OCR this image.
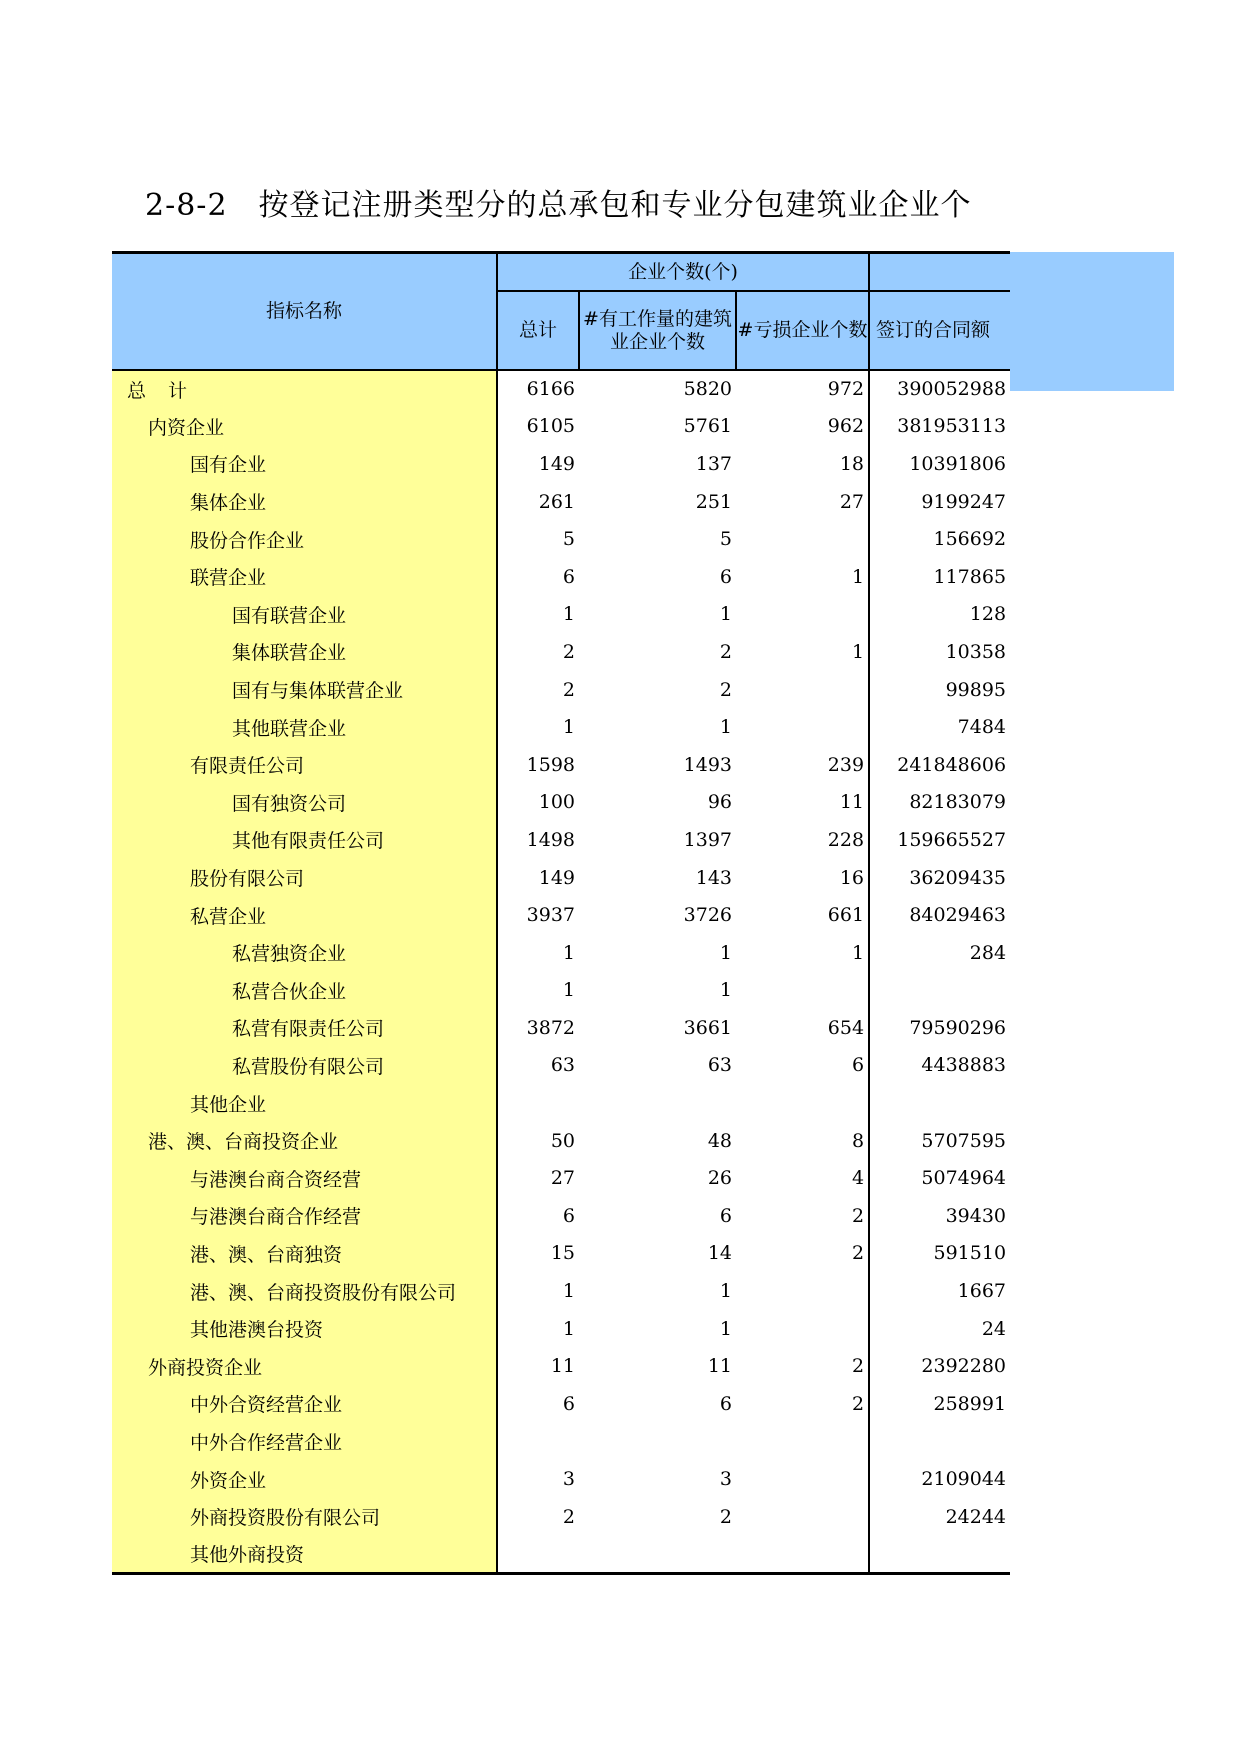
2-8-2　按登记注册类型分的总承包和专业分包建筑业企业个
指标名称	企业个数(个)			
	总计	#有工作量的建筑业企业个数	#亏损企业个数	签订的合同额
总 计	6166	5820	972	390052988
内资企业	6105	5761	962	381953113
国有企业	149	137	18	10391806
集体企业	261	251	27	9199247
股份合作企业	5	5		156692
联营企业	6	6	1	117865
国有联营企业	1	1		128
集体联营企业	2	2	1	10358
国有与集体联营企业	2	2		99895
其他联营企业	1	1		7484
有限责任公司	1598	1493	239	241848606
国有独资公司	100	96	11	82183079
其他有限责任公司	1498	1397	228	159665527
股份有限公司	149	143	16	36209435
私营企业	3937	3726	661	84029463
私营独资企业	1	1	1	284
私营合伙企业	1	1		
私营有限责任公司	3872	3661	654	79590296
私营股份有限公司	63	63	6	4438883
其他企业				
港、澳、台商投资企业	50	48	8	5707595
与港澳台商合资经营	27	26	4	5074964
与港澳台商合作经营	6	6	2	39430
港、澳、台商独资	15	14	2	591510
港、澳、台商投资股份有限公司	1	1		1667
其他港澳台投资	1	1		24
外商投资企业	11	11	2	2392280
中外合资经营企业	6	6	2	258991
中外合作经营企业				
外资企业	3	3		2109044
外商投资股份有限公司	2	2		24244
其他外商投资				
